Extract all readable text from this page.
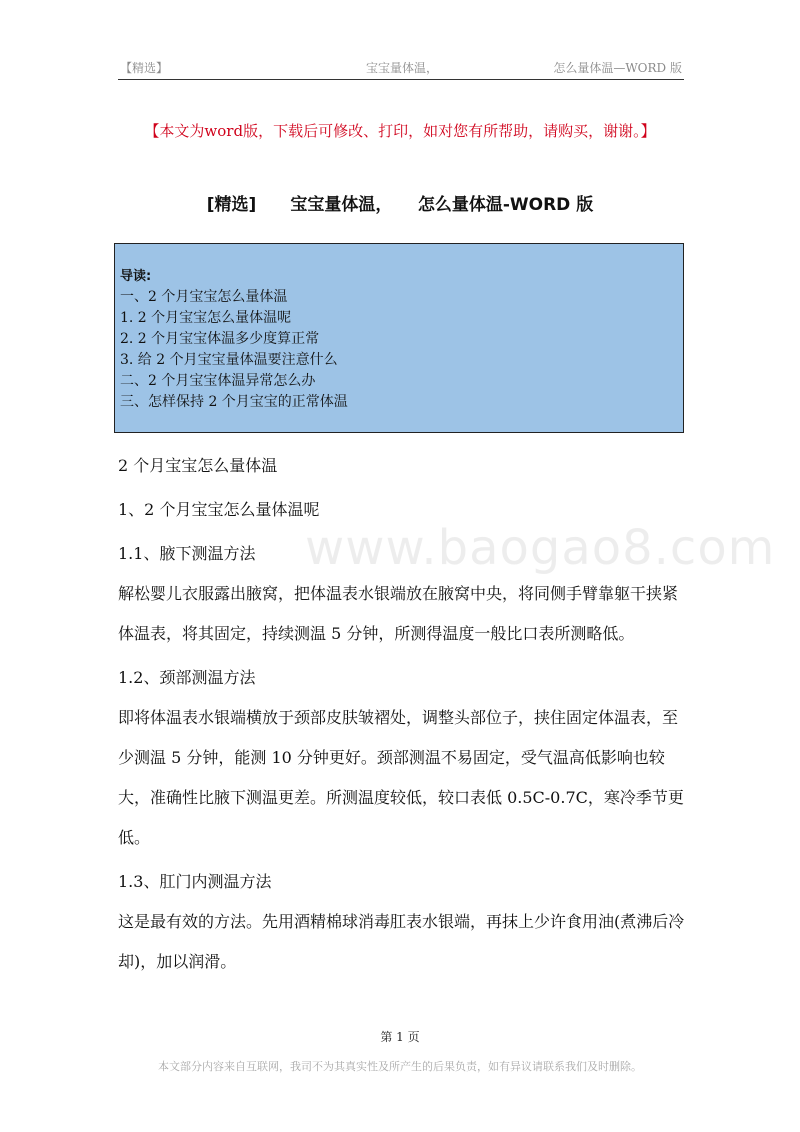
【精选】	宝宝量体温，	怎么量体温—WORD 版
【本文为word版，下载后可修改、打印，如对您有所帮助，请购买，谢谢。】
[精选]　　宝宝量体温，　　怎么量体温-WORD 版
导读:
一、2 个月宝宝怎么量体温
1. 2 个月宝宝怎么量体温呢
2. 2 个月宝宝体温多少度算正常
3. 给 2 个月宝宝量体温要注意什么
二、2 个月宝宝体温异常怎么办
三、怎样保持 2 个月宝宝的正常体温
www.baogao8.com

2 个月宝宝怎么量体温

1、2 个月宝宝怎么量体温呢

1.1、腋下测温方法

解松婴儿衣服露出腋窝，把体温表水银端放在腋窝中央，将同侧手臂靠躯干挟紧体温表，将其固定，持续测温 5 分钟，所测得温度一般比口表所测略低。

1.2、颈部测温方法

即将体温表水银端横放于颈部皮肤皱褶处，调整头部位子，挟住固定体温表，至少测温 5 分钟，能测 10 分钟更好。颈部测温不易固定，受气温高低影响也较大，准确性比腋下测温更差。所测温度较低，较口表低 0.5C-0.7C，寒冷季节更低。

1.3、肛门内测温方法

这是最有效的方法。先用酒精棉球消毒肛表水银端，再抹上少许食用油(煮沸后冷却)，加以润滑。

第 1 页
本文部分内容来自互联网，我司不为其真实性及所产生的后果负责，如有异议请联系我们及时删除。
